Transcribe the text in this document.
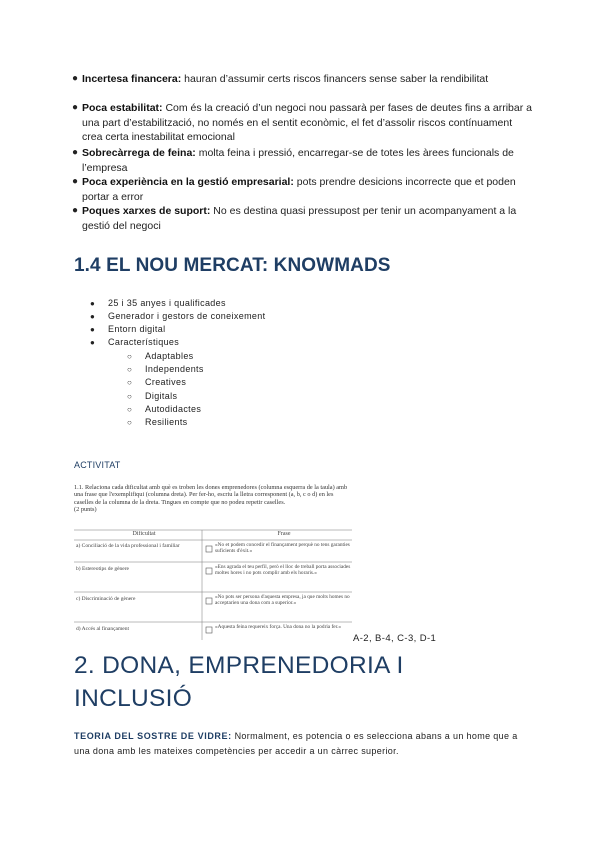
● Incertesa financera: hauran d’assumir certs riscos financers sense saber la rendibilitat
● Poca estabilitat: Com és la creació d’un negoci nou passarà per fases de deutes fins a arribar a una part d’estabilització, no només en el sentit econòmic, el fet d’assolir riscos contínuament crea certa inestabilitat emocional
● Sobrecàrrega de feina: molta feina i pressió, encarregar-se de totes les àrees funcionals de l’empresa
● Poca experiència en la gestió empresarial: pots prendre desicions incorrecte que et poden portar a error
● Poques xarxes de suport: No es destina quasi pressupost per tenir un acompanyament a la gestió del negoci
1.4 EL NOU MERCAT: KNOWMADS
● 25 i 35 anyes i qualificades
● Generador i gestors de coneixement
● Entorn digital
● Característiques
○ Adaptables
○ Independents
○ Creatives
○ Digitals
○ Autodidactes
○ Resilients
ACTIVITAT
1.1. Relaciona cada dificultat amb què es troben les dones emprenedores (columna esquerra de la taula) amb una frase que l'exemplifiqui (columna dreta). Per fer-ho, escriu la lletra corresponent (a, b, c o d) en les caselles de la columna de la dreta. Tingues en compte que no podeu repetir caselles.
(2 punts)
Dificultat	Frase
a) Conciliació de la vida professional i familiar	«No et podem concedir el finançament perquè no tens garanties suficients d'èxit.»
b) Estereotips de gènere	«Ens agrada el teu perfil, però el lloc de treball porta associades moltes hores i no pots complir amb els horaris.»
c) Discriminació de gènere	«No pots ser persona d'aquesta empresa, ja que molts homes no acceptarien una dona com a superior.»
d) Accés al finançament	«Aquesta feina requereix força. Una dona no la podria fer.»
A-2, B-4, C-3, D-1
2. DONA, EMPRENEDORIA I INCLUSIÓ
TEORIA DEL SOSTRE DE VIDRE: Normalment, es potencia o es selecciona abans a un home que a una dona amb les mateixes competències per accedir a un càrrec superior.
